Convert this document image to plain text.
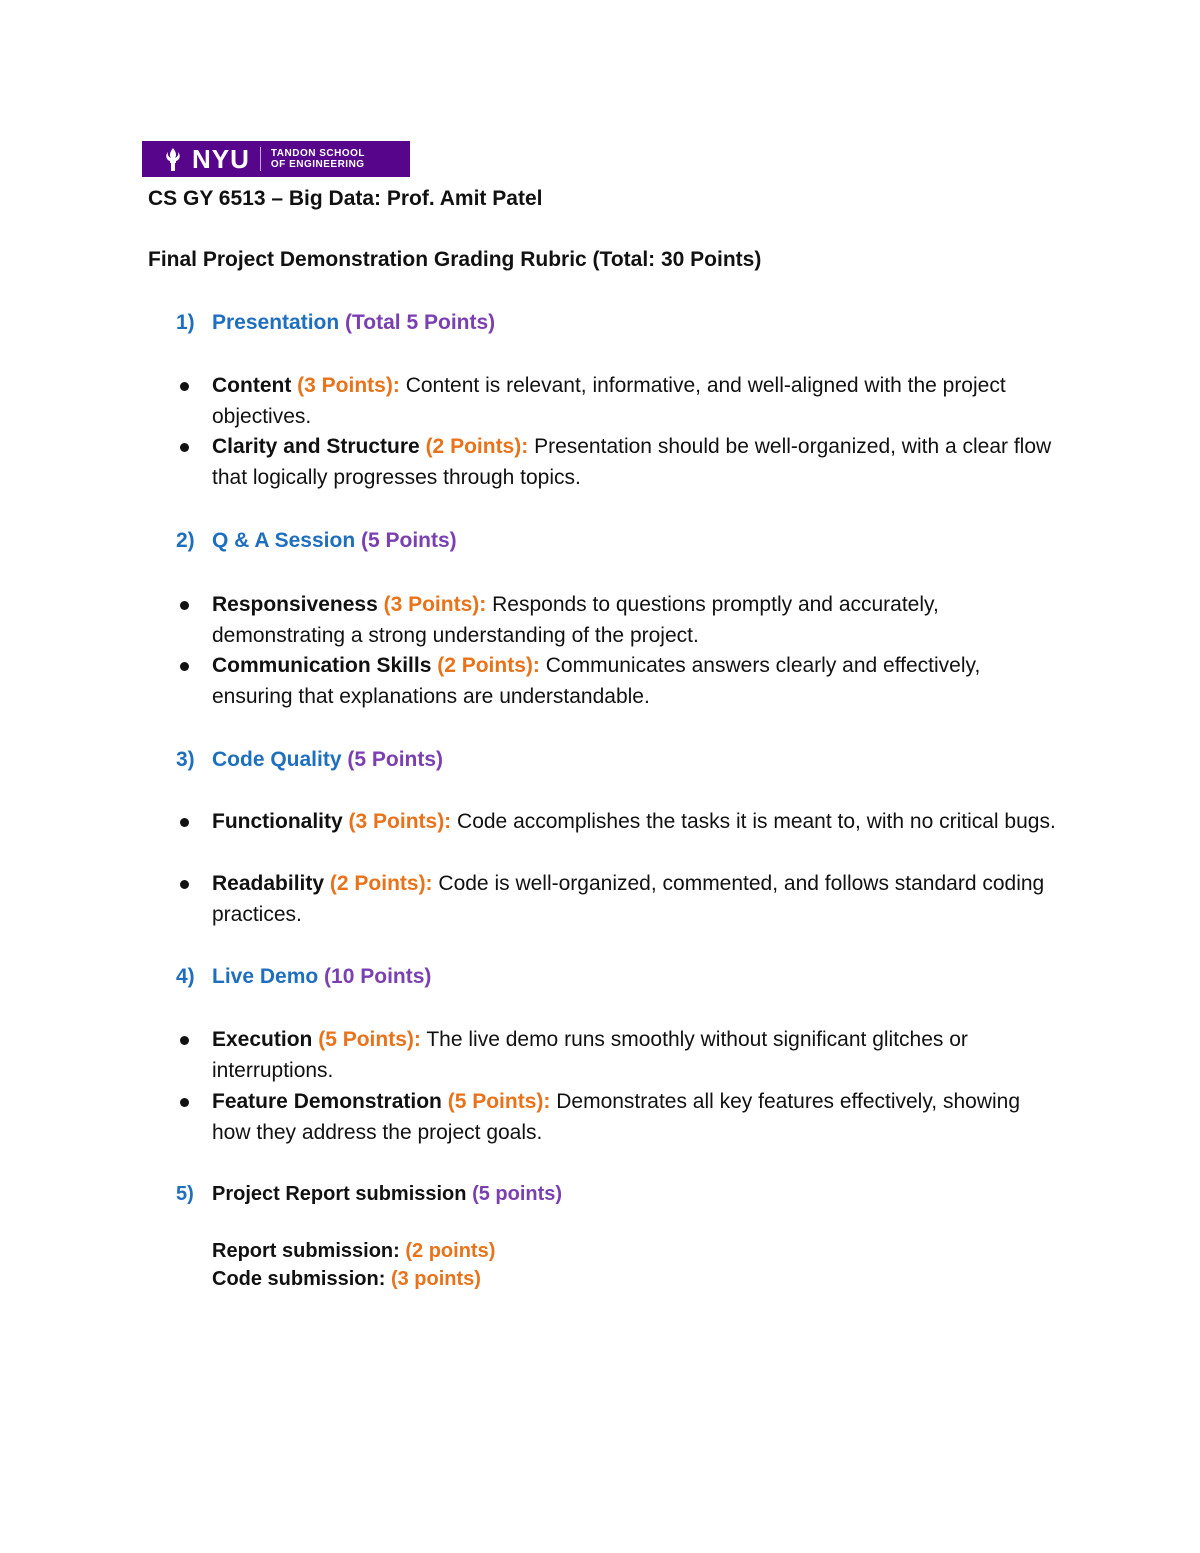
NYU TANDON SCHOOL
OF ENGINEERING
CS GY 6513 – Big Data: Prof. Amit Patel
Final Project Demonstration Grading Rubric (Total: 30 Points)
1) Presentation (Total 5 Points)
Content (3 Points): Content is relevant, informative, and well-aligned with the project objectives.
Clarity and Structure (2 Points): Presentation should be well-organized, with a clear flow that logically progresses through topics.
2) Q & A Session (5 Points)
Responsiveness (3 Points): Responds to questions promptly and accurately, demonstrating a strong understanding of the project.
Communication Skills (2 Points): Communicates answers clearly and effectively, ensuring that explanations are understandable.
3) Code Quality (5 Points)
Functionality (3 Points): Code accomplishes the tasks it is meant to, with no critical bugs.
Readability (2 Points): Code is well-organized, commented, and follows standard coding practices.
4) Live Demo (10 Points)
Execution (5 Points): The live demo runs smoothly without significant glitches or interruptions.
Feature Demonstration (5 Points): Demonstrates all key features effectively, showing how they address the project goals.
5) Project Report submission (5 points)
Report submission: (2 points)
Code submission: (3 points)
